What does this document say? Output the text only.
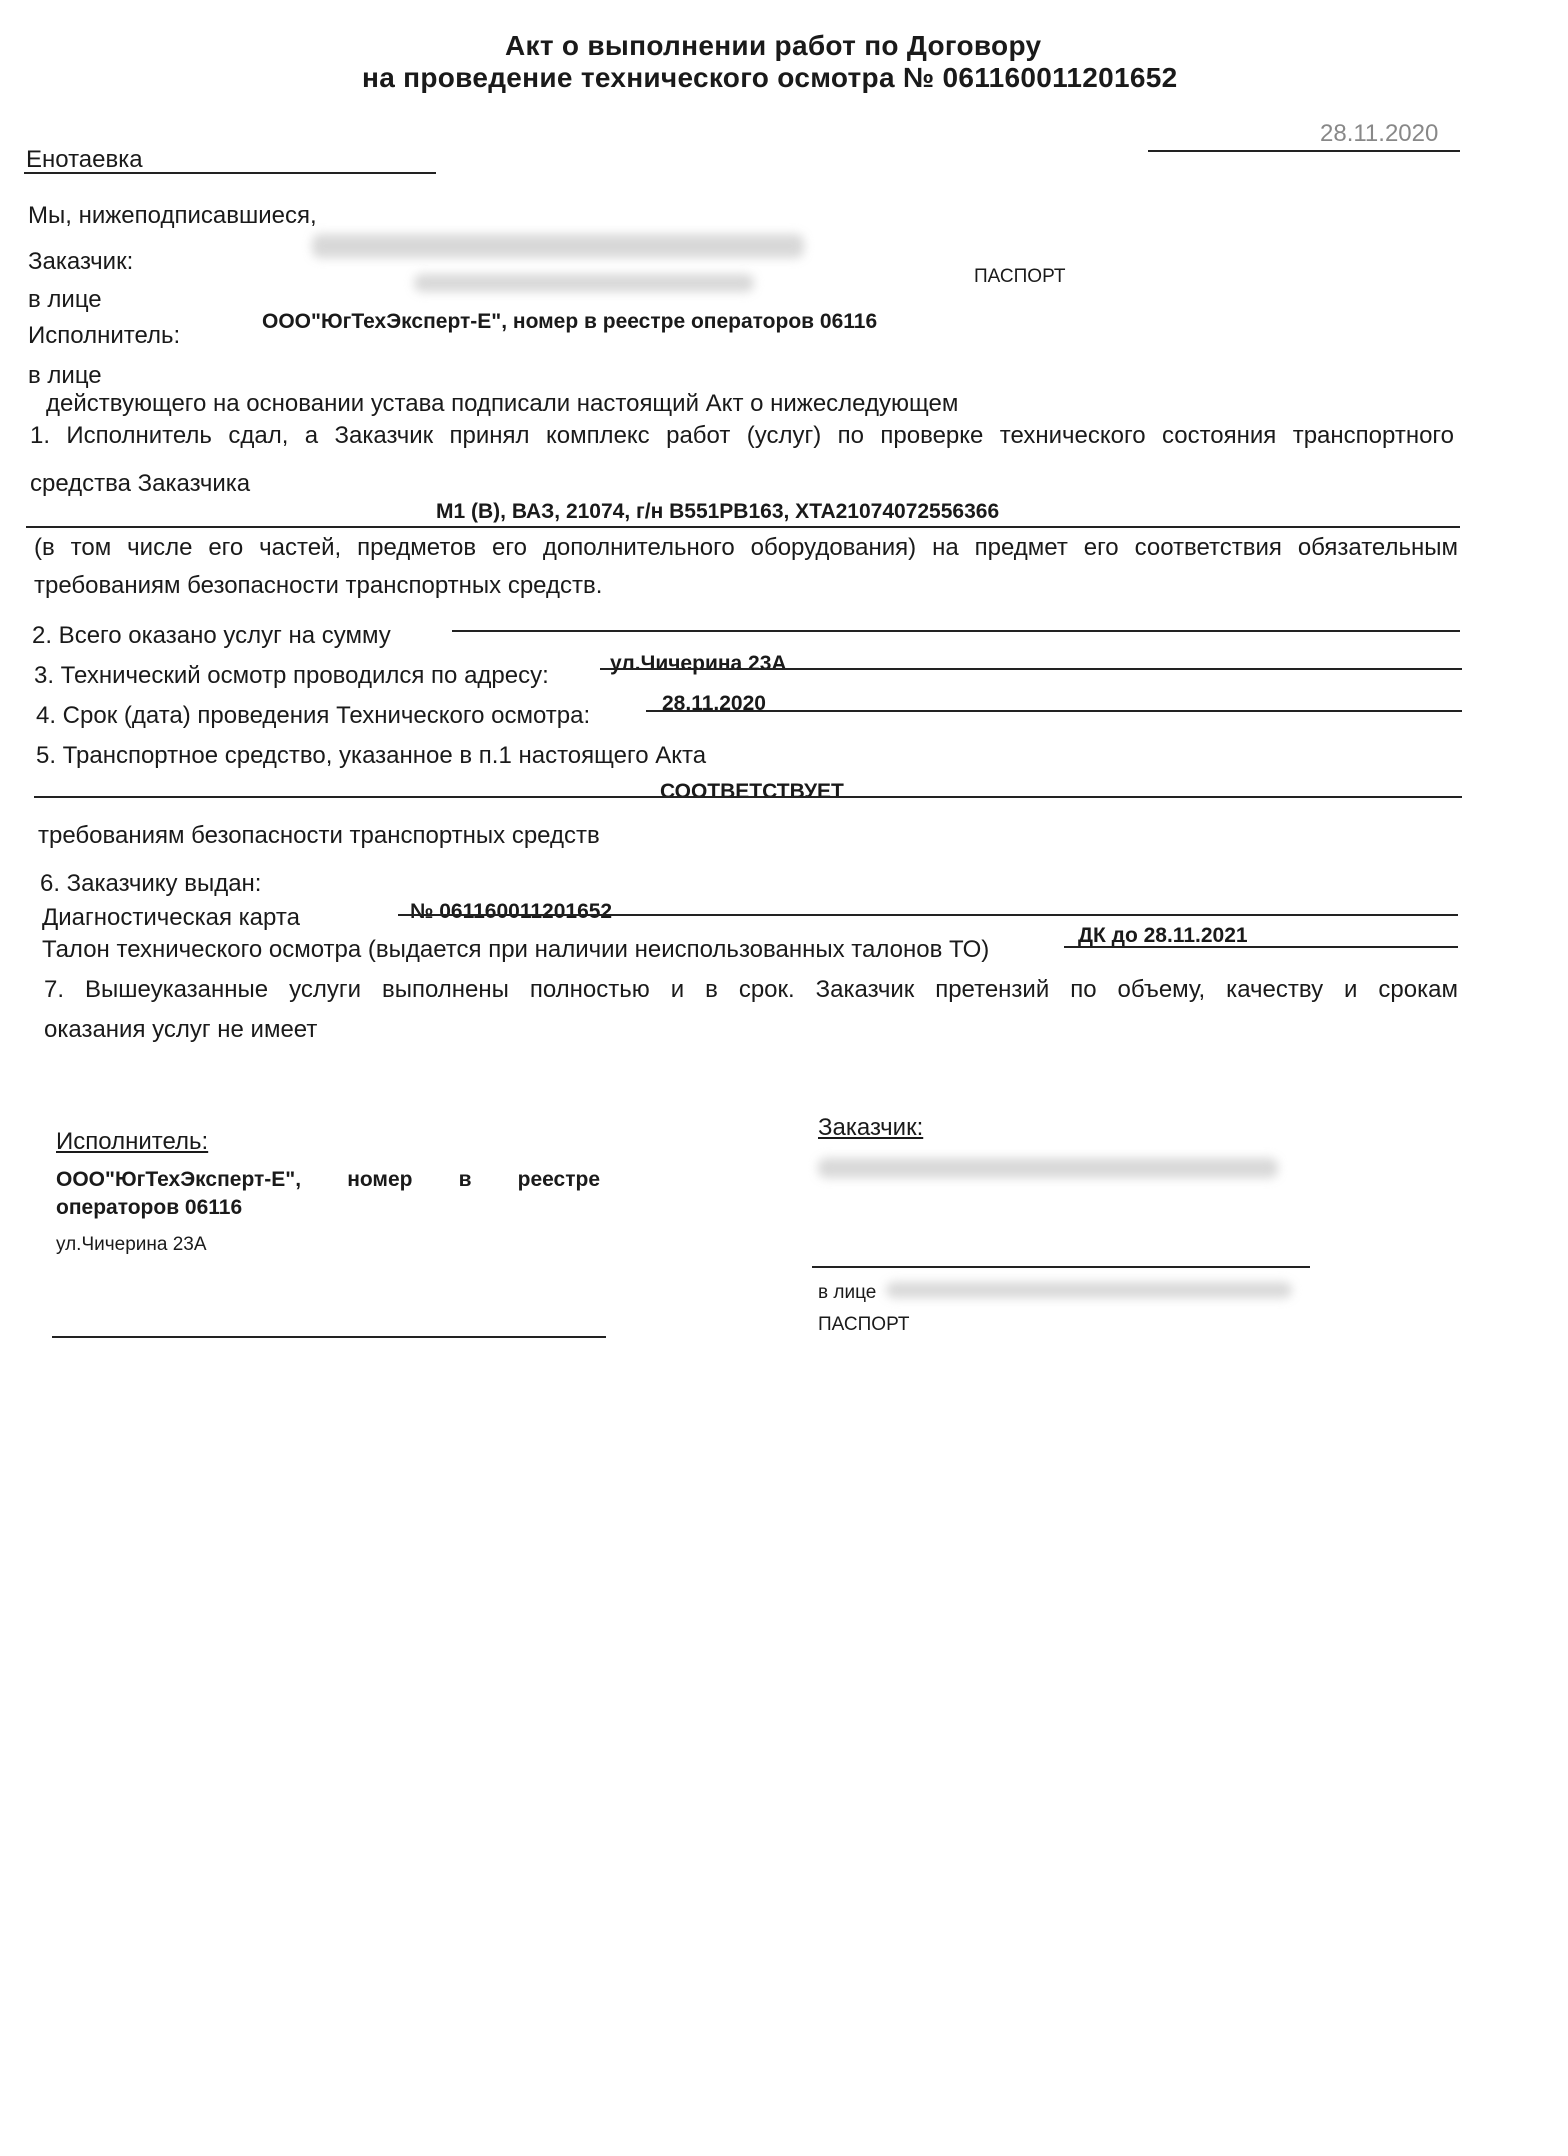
Акт о выполнении работ по Договору
на проведение технического осмотра № 061160011201652
Енотаевка
28.11.2020
Мы, нижеподписавшиеся,
Заказчик:
в лице
ПАСПОРТ
Исполнитель:
ООО"ЮгТехЭксперт-Е", номер в реестре операторов 06116
в лице
действующего на основании устава подписали настоящий Акт о нижеследующем
1. Исполнитель сдал, а Заказчик принял комплекс работ (услуг) по проверке технического состояния транспортного
средства Заказчика
М1 (B), ВАЗ, 21074, г/н В551РВ163, XTA21074072556366
(в том числе его частей, предметов его дополнительного оборудования) на предмет его соответствия обязательным
требованиям безопасности транспортных средств.
2. Всего оказано услуг на сумму
3. Технический осмотр проводился по адресу:	ул.Чичерина 23А
4. Срок (дата) проведения Технического осмотра:	28.11.2020
5. Транспортное средство, указанное в п.1 настоящего Акта
СООТВЕТСТВУЕТ
требованиям безопасности транспортных средств
6. Заказчику выдан:
Диагностическая карта	№ 061160011201652
Талон технического осмотра (выдается при наличии неиспользованных талонов ТО)
ДК до 28.11.2021
7. Вышеуказанные услуги выполнены полностью и в срок. Заказчик претензий по объему, качеству и срокам
оказания услуг не имеет
Исполнитель:
ООО"ЮгТехЭксперт-Е", номер в реестре
операторов 06116
ул.Чичерина 23А
Заказчик:
в лице
ПАСПОРТ
